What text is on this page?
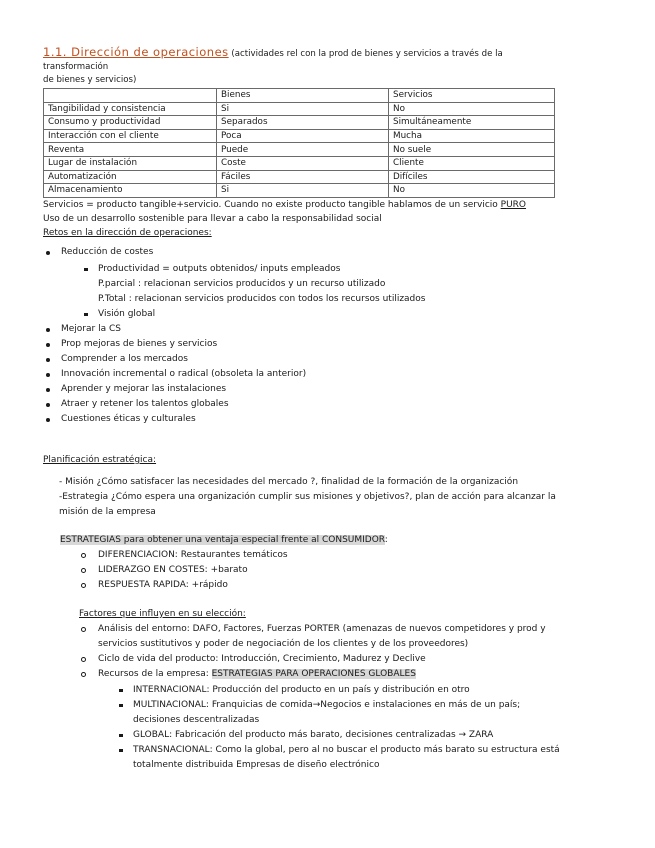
1.1. Dirección de operaciones (actividades rel con la prod de bienes y servicios a través de la transformación
de bienes y servicios)
	Bienes	Servicios
Tangibilidad y consistencia	Si	No
Consumo y productividad	Separados	Simultáneamente
Interacción con el cliente	Poca	Mucha
Reventa	Puede	No suele
Lugar de instalación	Coste	Cliente
Automatización	Fáciles	Difíciles
Almacenamiento	Si	No
Servicios = producto tangible+servicio. Cuando no existe producto tangible hablamos de un servicio PURO
Uso de un desarrollo sostenible para llevar a cabo la responsabilidad social
Retos en la dirección de operaciones:
Reducción de costes
Productividad = outputs obtenidos/ inputs empleados
P.parcial : relacionan servicios producidos y un recurso utilizado
P.Total : relacionan servicios producidos con todos los recursos utilizados
Visión global
Mejorar la CS
Prop mejoras de bienes y servicios
Comprender a los mercados
Innovación incremental o radical (obsoleta la anterior)
Aprender y mejorar las instalaciones
Atraer y retener los talentos globales
Cuestiones éticas y culturales
Planificación estratégica:
- Misión ¿Cómo satisfacer las necesidades del mercado ?, finalidad de la formación de la organización
-Estrategia ¿Cómo espera una organización cumplir sus misiones y objetivos?, plan de acción para alcanzar la
misión de la empresa
ESTRATEGIAS para obtener una ventaja especial frente al CONSUMIDOR:
DIFERENCIACION: Restaurantes temáticos
LIDERAZGO EN COSTES: +barato
RESPUESTA RAPIDA: +rápido
Factores que influyen en su elección:
Análisis del entorno: DAFO, Factores, Fuerzas PORTER (amenazas de nuevos competidores y prod y
servicios sustitutivos y poder de negociación de los clientes y de los proveedores)
Ciclo de vida del producto: Introducción, Crecimiento, Madurez y Declive
Recursos de la empresa: ESTRATEGIAS PARA OPERACIONES GLOBALES
INTERNACIONAL: Producción del producto en un país y distribución en otro
MULTINACIONAL: Franquicias de comida→Negocios e instalaciones en más de un país;
decisiones descentralizadas
GLOBAL: Fabricación del producto más barato, decisiones centralizadas → ZARA
TRANSNACIONAL: Como la global, pero al no buscar el producto más barato su estructura está
totalmente distribuida Empresas de diseño electrónico
